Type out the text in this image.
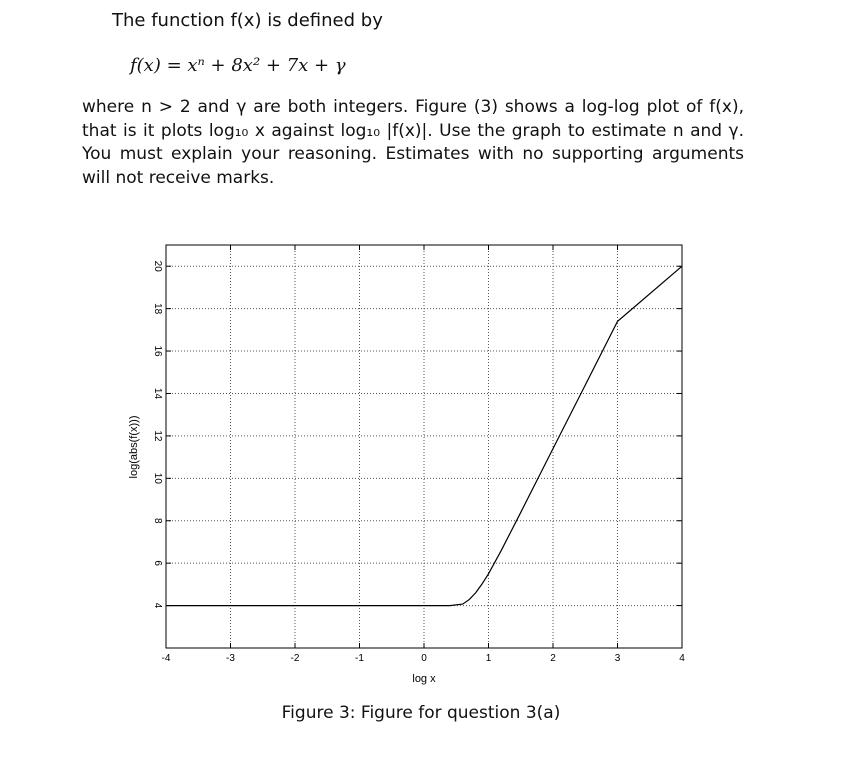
The function f(x) is defined by
f(x) = xⁿ + 8x² + 7x + γ
where n > 2 and γ are both integers. Figure (3) shows a log-log plot of f(x), that is it plots log₁₀ x against log₁₀ |f(x)|. Use the graph to estimate n and γ. You must explain your reasoning. Estimates with no supporting arguments will not receive marks.
-4	-3	-2	-1	0	1	2	3	4
4
6
8
10
12
14
16
18
20
log x
log(abs(f(x)))
Figure 3: Figure for question 3(a)
